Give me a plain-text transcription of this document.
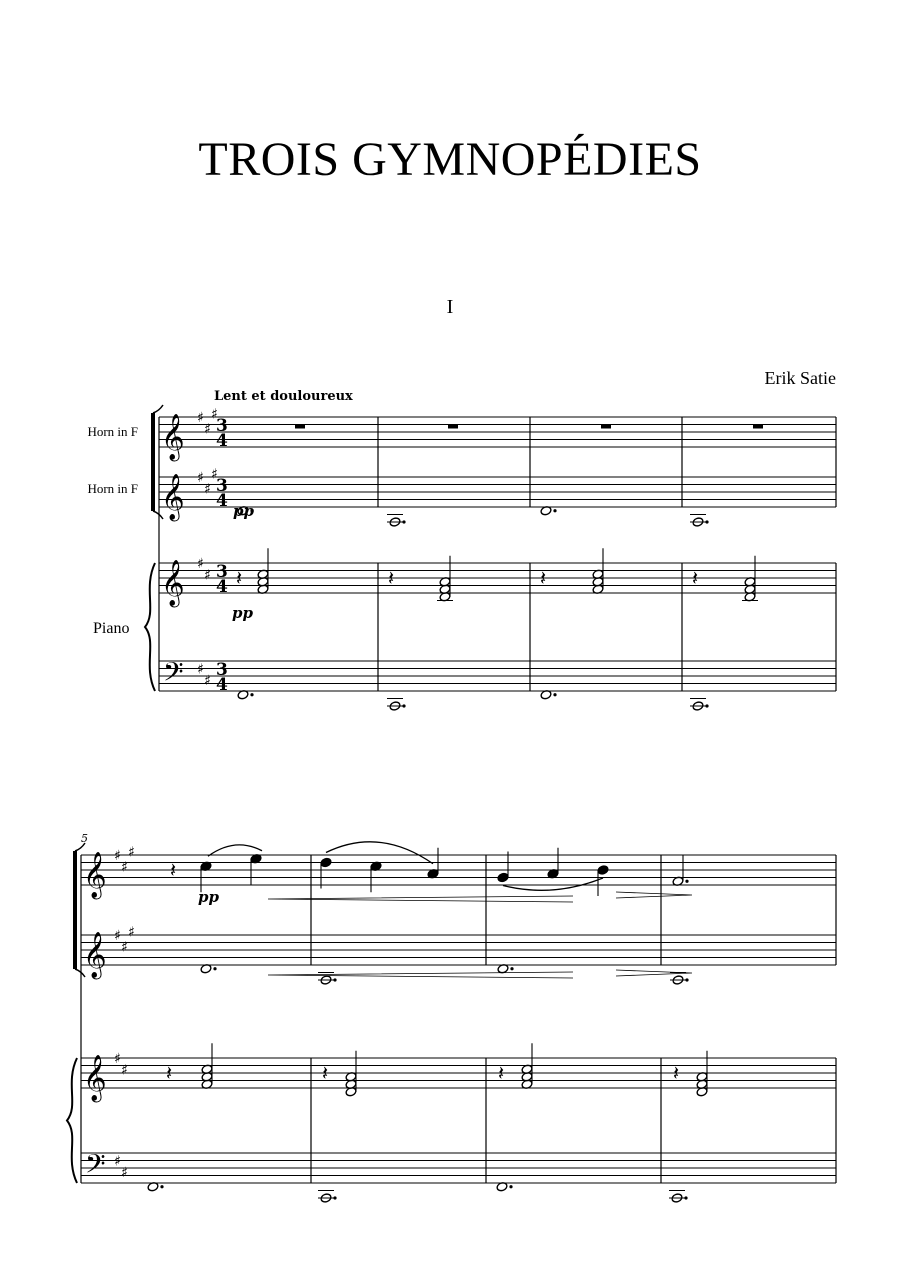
TROIS GYMNOPÉDIES
I
Erik Satie
Lent et douloureux
Horn in F
Horn in F
Piano
𝄞 ♯
♯
♯
3
4
𝄞 ♯
♯
♯
3
4
𝄞 ♯
♯ 3
4
𝄢 ♯
♯
3
4
pp
𝄽	𝄽	𝄽	𝄽
pp
5
𝄞 ♯
♯
♯
𝄞 ♯
♯
♯
𝄞 ♯
♯
𝄢 ♯
♯
𝄽
pp
𝄽	𝄽	𝄽	𝄽
